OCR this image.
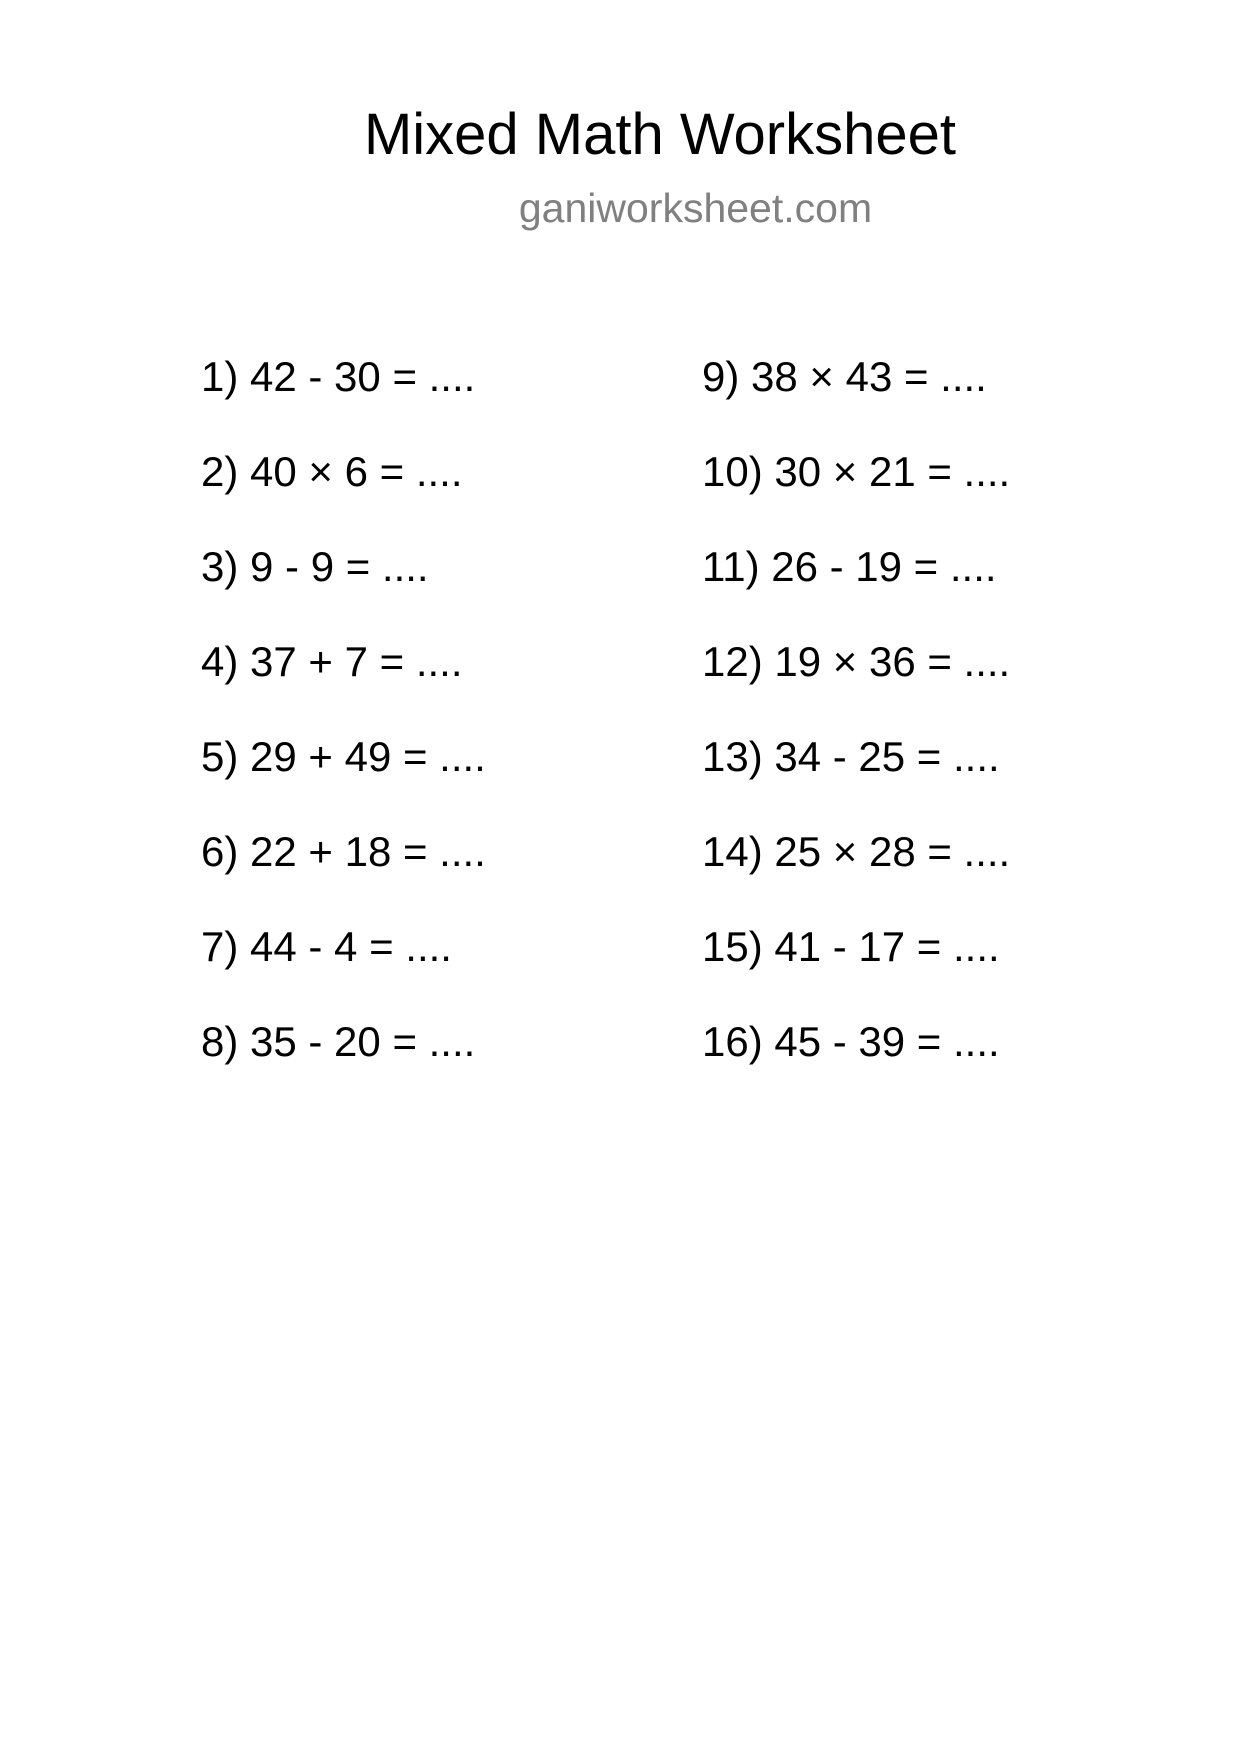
Mixed Math Worksheet
ganiworksheet.com
1) 42 - 30 = ....
2) 40 × 6 = ....
3) 9 - 9 = ....
4) 37 + 7 = ....
5) 29 + 49 = ....
6) 22 + 18 = ....
7) 44 - 4 = ....
8) 35 - 20 = ....
9) 38 × 43 = ....
10) 30 × 21 = ....
11) 26 - 19 = ....
12) 19 × 36 = ....
13) 34 - 25 = ....
14) 25 × 28 = ....
15) 41 - 17 = ....
16) 45 - 39 = ....
